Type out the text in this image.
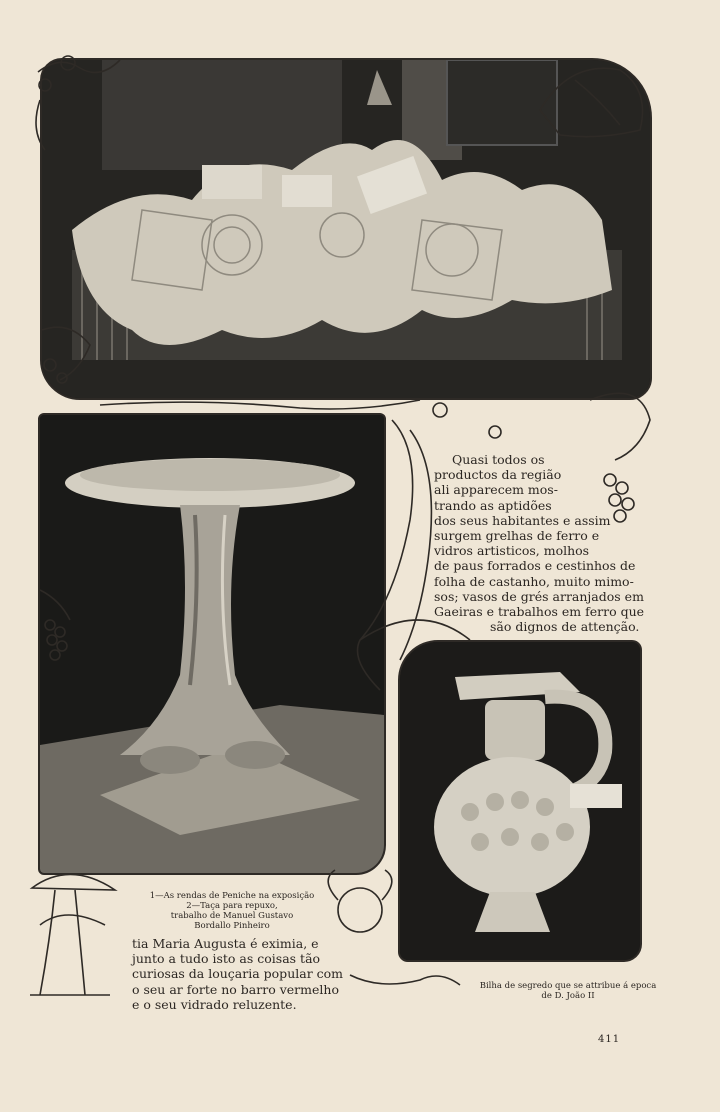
Quasi todos os
productos da região
ali apparecem mos-
trando as aptidões
dos seus habitantes e assim
surgem grelhas de ferro e
vidros artisticos, molhos
de paus forrados e cestinhos de
folha de castanho, muito mimo-
sos; vasos de grés arranjados em
Gaeiras e trabalhos em ferro que
são dignos de attenção.
1—As rendas de Peniche na exposição
2—Taça para repuxo,
trabalho de Manuel Gustavo
Bordallo Pinheiro
tia Maria Augusta é eximia, e
junto a tudo isto as coisas tão
curiosas da louçaria popular com
o seu ar forte no barro vermelho
e o seu vidrado reluzente.
Bilha de segredo que se attribue á epoca
de D. João II
411
